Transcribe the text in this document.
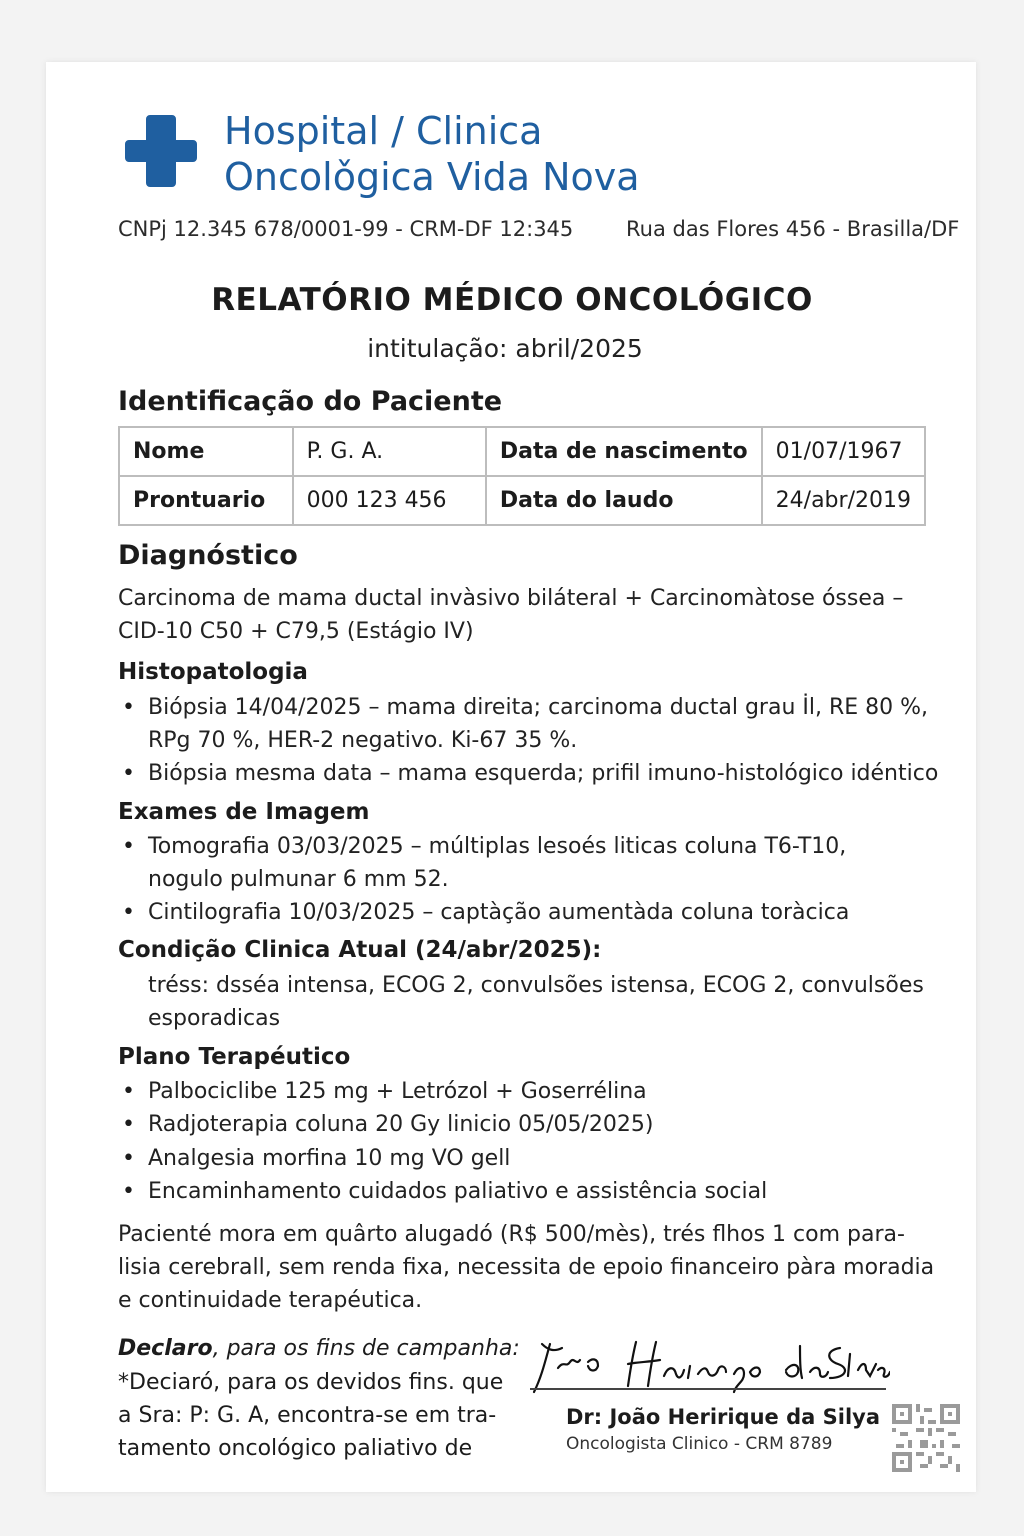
Hospital / Clinica
Oncolǒgica Vida Nova
CNPj 12.345 678/0001-99 - CRM-DF 12:345	Rua das Flores 456 - Brasilla/DF
RELATÓRIO MÉDICO ONCOLÓGICO
intitulação: abril/2025
Identificação do Paciente
Nome	P. G. A.	Data de nascimento	01/07/1967
Prontuario	000 123 456	Data do laudo	24/abr/2019
Diagnóstico
Carcinoma de mama ductal invàsivo biláteral + Carcinomàtose óssea –
CID-10 C50 + C79,5 (Estágio IV)
Histopatologia
• Biópsia 14/04/2025 – mama direita; carcinoma ductal grau İl, RE 80 %,
RPg 70 %, HER-2 negativo. Ki-67 35 %.
• Biópsia mesma data – mama esquerda; prifil imuno-histológico idéntico
Exames de Imagem
• Tomografia 03/03/2025 – múltiplas lesoés liticas coluna T6-T10,
nogulo pulmunar 6 mm 52.
• Cintilografia 10/03/2025 – captàção aumentàda coluna toràcica
Condição Clinica Atual (24/abr/2025):
tréss: dsséa intensa, ECOG 2, convulsões istensa, ECOG 2, convulsões
esporadicas
Plano Terapéutico
• Palbociclibe 125 mg + Letrózol + Goserrélina
• Radjoterapia coluna 20 Gy linicio 05/05/2025)
• Analgesia morfina 10 mg VO gell
• Encaminhamento cuidados paliativo e assistência social
Pacienté mora em quârto alugadó (R$ 500/mès), trés flhos 1 com para-
lisia cerebrall, sem renda fixa, necessita de epoio financeiro pàra moradia
e continuidade terapéutica.
Declaro, para os fins de campanha:
*Deciaró, para os devidos fins. que
a Sra: P: G. A, encontra-se em tra-
tamento oncológico paliativo de
Dr: João Heririque da Silya
Oncologista Clinico - CRM 8789
